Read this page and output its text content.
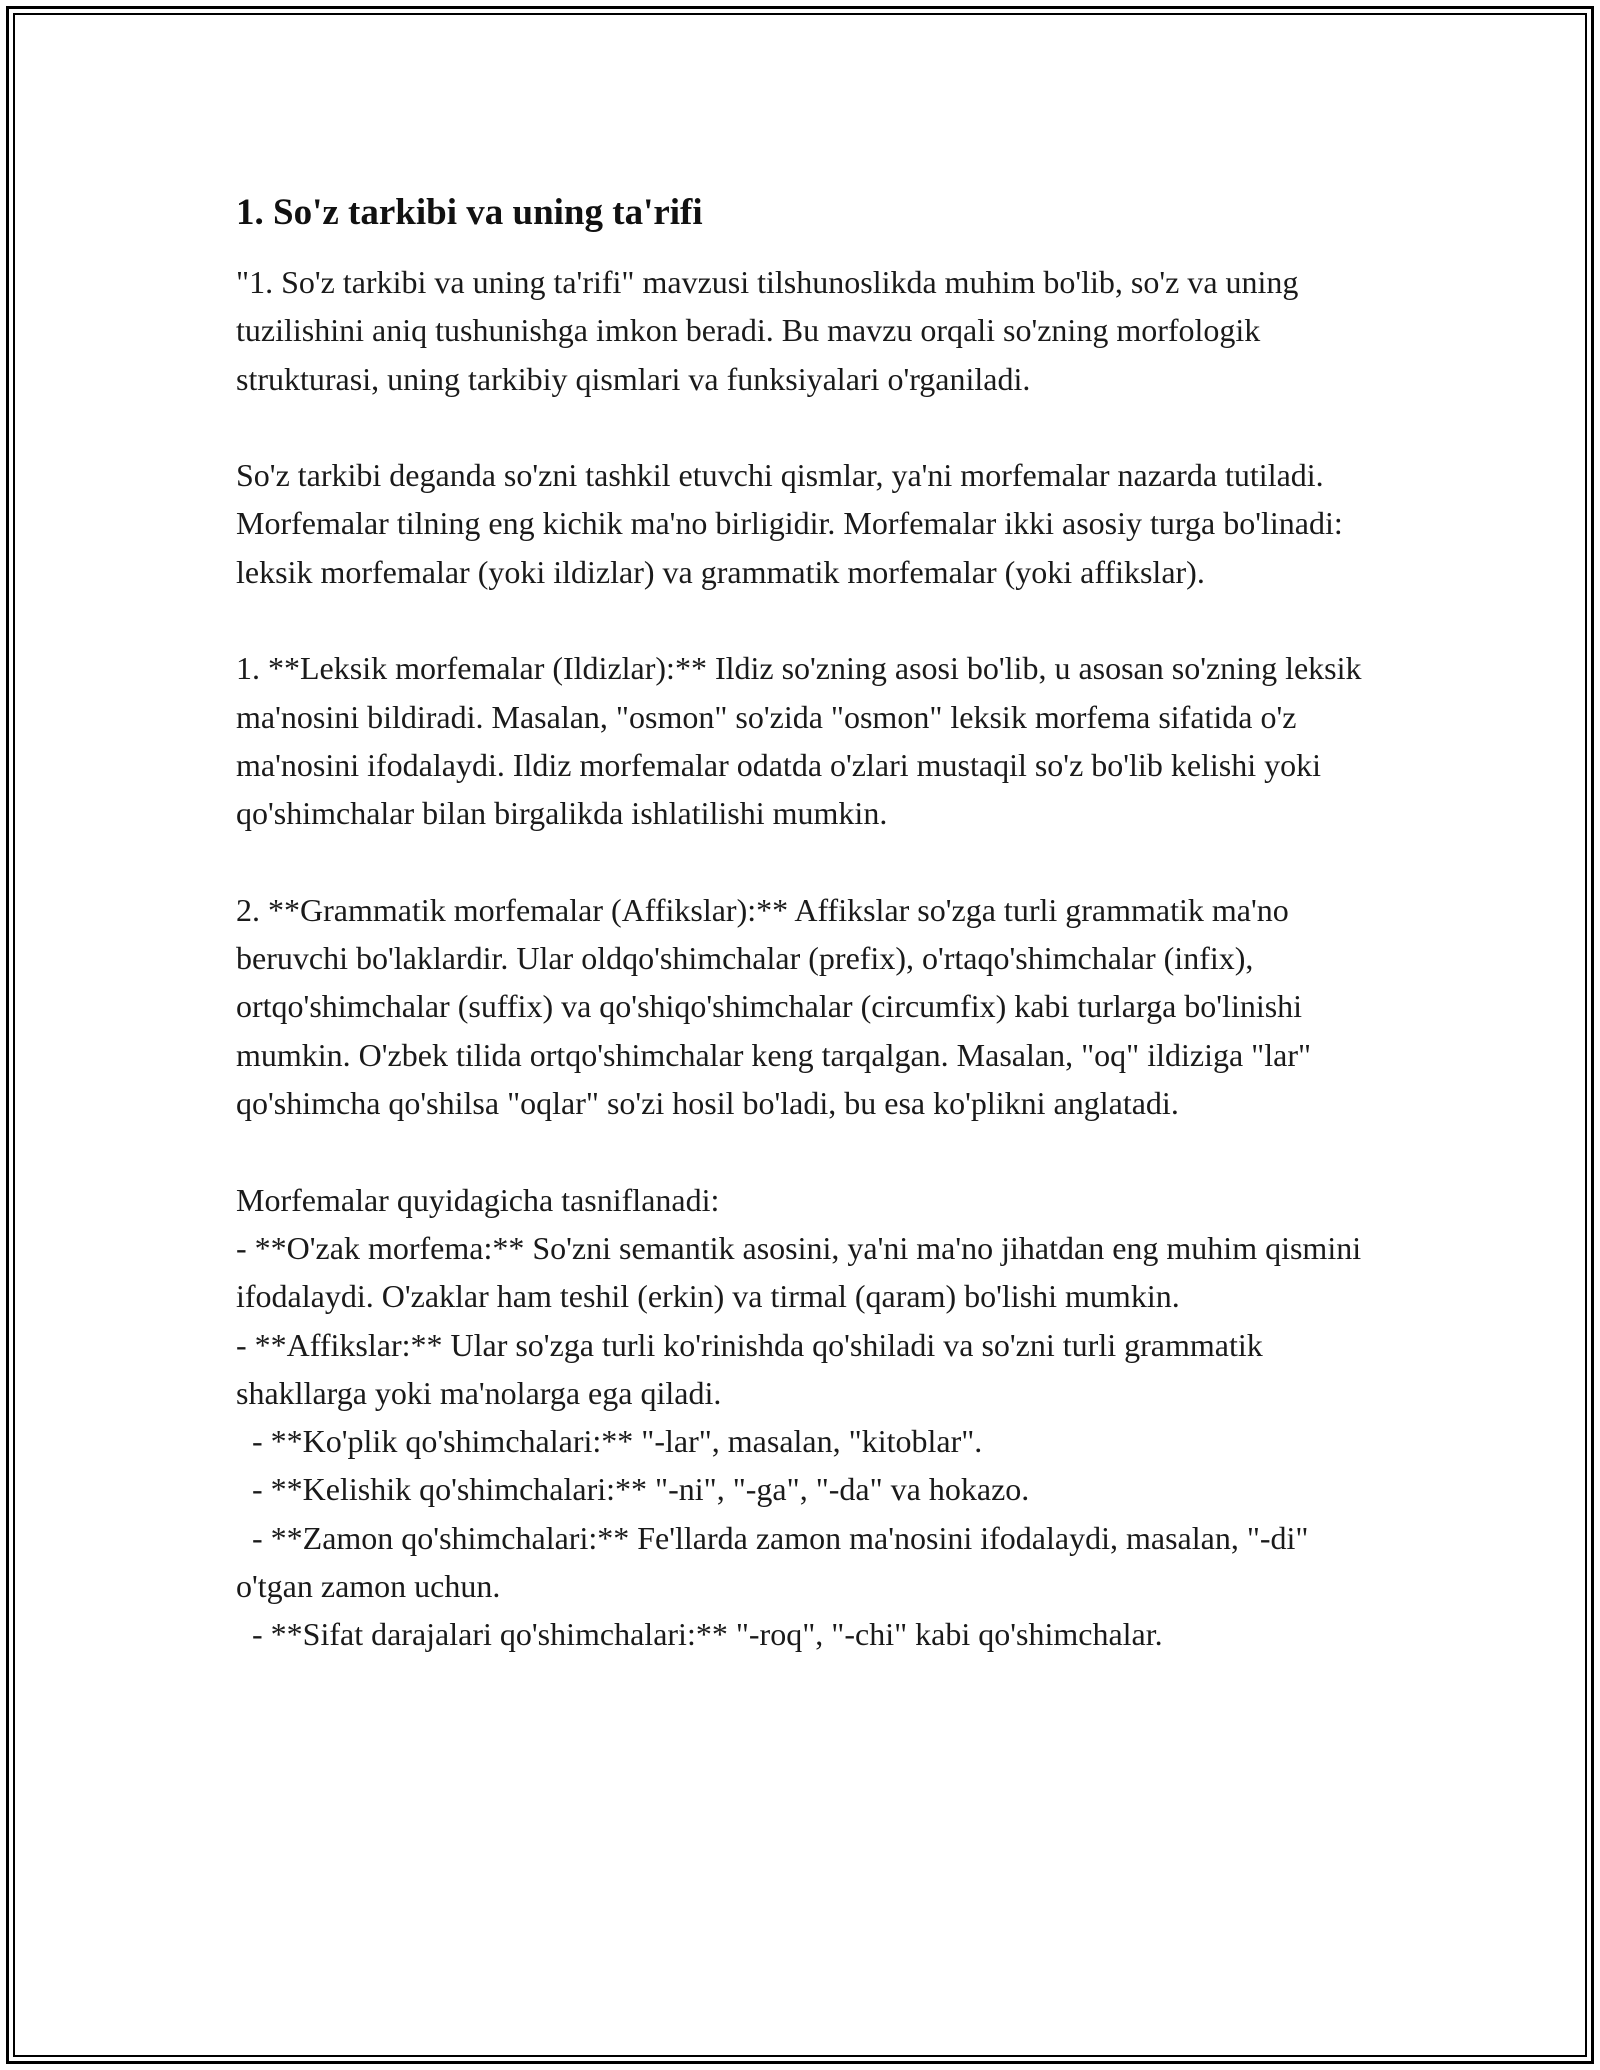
1. So'z tarkibi va uning ta'rifi

"1. So'z tarkibi va uning ta'rifi" mavzusi tilshunoslikda muhim bo'lib, so'z va uning tuzilishini aniq tushunishga imkon beradi. Bu mavzu orqali so'zning morfologik strukturasi, uning tarkibiy qismlari va funksiyalari o'rganiladi.

So'z tarkibi deganda so'zni tashkil etuvchi qismlar, ya'ni morfemalar nazarda tutiladi. Morfemalar tilning eng kichik ma'no birligidir. Morfemalar ikki asosiy turga bo'linadi: leksik morfemalar (yoki ildizlar) va grammatik morfemalar (yoki affikslar).

1. **Leksik morfemalar (Ildizlar):** Ildiz so'zning asosi bo'lib, u asosan so'zning leksik ma'nosini bildiradi. Masalan, "osmon" so'zida "osmon" leksik morfema sifatida o'z ma'nosini ifodalaydi. Ildiz morfemalar odatda o'zlari mustaqil so'z bo'lib kelishi yoki qo'shimchalar bilan birgalikda ishlatilishi mumkin.

2. **Grammatik morfemalar (Affikslar):** Affikslar so'zga turli grammatik ma'no beruvchi bo'laklardir. Ular oldqo'shimchalar (prefix), o'rtaqo'shimchalar (infix), ortqo'shimchalar (suffix) va qo'shiqo'shimchalar (circumfix) kabi turlarga bo'linishi mumkin. O'zbek tilida ortqo'shimchalar keng tarqalgan. Masalan, "oq" ildiziga "lar" qo'shimcha qo'shilsa "oqlar" so'zi hosil bo'ladi, bu esa ko'plikni anglatadi.

Morfemalar quyidagicha tasniflanadi:

- **O'zak morfema:** So'zni semantik asosini, ya'ni ma'no jihatdan eng muhim qismini ifodalaydi. O'zaklar ham teshil (erkin) va tirmal (qaram) bo'lishi mumkin.

- **Affikslar:** Ular so'zga turli ko'rinishda qo'shiladi va so'zni turli grammatik shakllarga yoki ma'nolarga ega qiladi.

- **Ko'plik qo'shimchalari:** "-lar", masalan, "kitoblar".

- **Kelishik qo'shimchalari:** "-ni", "-ga", "-da" va hokazo.

- **Zamon qo'shimchalari:** Fe'llarda zamon ma'nosini ifodalaydi, masalan, "-di" o'tgan zamon uchun.

- **Sifat darajalari qo'shimchalari:** "-roq", "-chi" kabi qo'shimchalar.
